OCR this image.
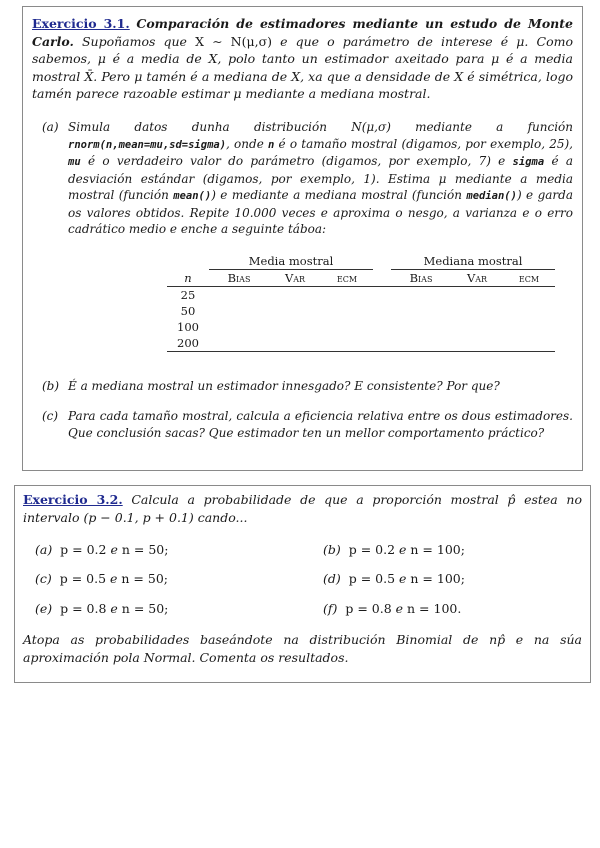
Exercicio 3.1. Comparación de estimadores mediante un estudo de Monte Carlo. Supoñamos que X ∼ N(μ,σ) e que o parámetro de interese é μ. Como sabemos, μ é a media de X, polo tanto un estimador axeitado para μ é a media mostral X̄. Pero μ tamén é a mediana de X, xa que a densidade de X é simétrica, logo tamén parece razoable estimar μ mediante a mediana mostral.

(a) Simula datos dunha distribución N(μ,σ) mediante a función rnorm(n,mean=mu,sd=sigma), onde n é o tamaño mostral (digamos, por exemplo, 25), mu é o verdadeiro valor do parámetro (digamos, por exemplo, 7) e sigma é a desviación estándar (digamos, por exemplo, 1). Estima μ mediante a media mostral (función mean()) e mediante a mediana mostral (función median()) e garda os valores obtidos. Repite 10.000 veces e aproxima o nesgo, a varianza e o erro cadrático medio e enche a seguinte táboa:
	Media mostral				Mediana mostral		
n	Bias	Var	ecm		Bias	Var	ecm
25							
50							
100							
200							
(b) É a mediana mostral un estimador innesgado? E consistente? Por que?
(c) Para cada tamaño mostral, calcula a eficiencia relativa entre os dous estimadores. Que conclusión sacas? Que estimador ten un mellor comportamento práctico?

Exercicio 3.2. Calcula a probabilidade de que a proporción mostral p̂ estea no intervalo (p − 0.1, p + 0.1) cando...

(a) p = 0.2 e n = 50;	(b) p = 0.2 e n = 100;
(c) p = 0.5 e n = 50;	(d) p = 0.5 e n = 100;
(e) p = 0.8 e n = 50;	(f) p = 0.8 e n = 100.

Atopa as probabilidades baseándote na distribución Binomial de np̂ e na súa aproximación pola Normal. Comenta os resultados.
